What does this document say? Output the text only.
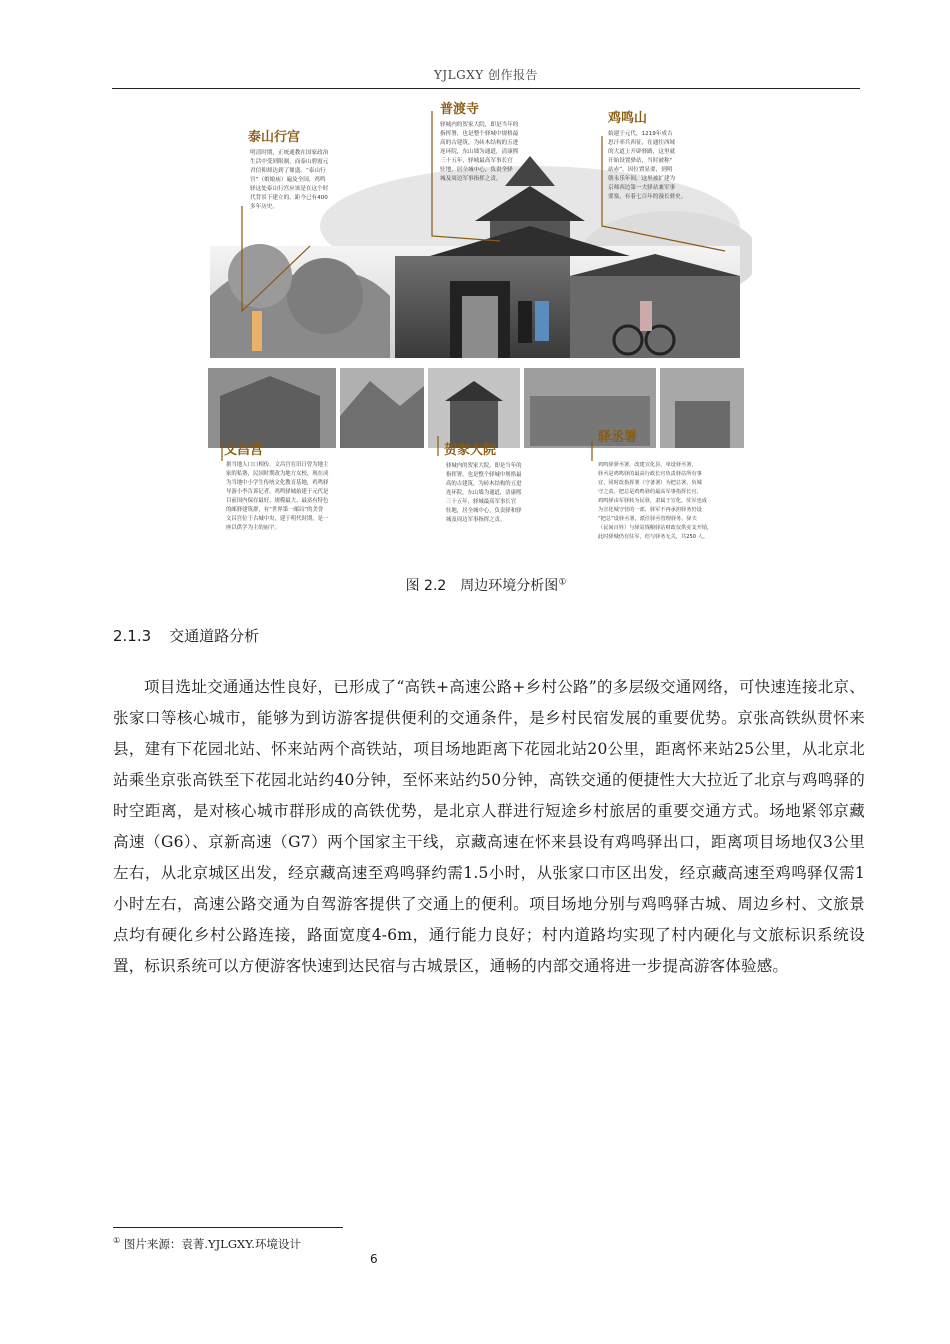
YJLGXY 创作报告
泰山行宫
明清时期，正统通教在国家政治
生活中受到限制，而泰山碧霞元
君信仰却达到了鼎盛。“泰山行
宫”（娘娘庙）遍及全国，鸡鸣
驿这处泰山行宫应该是在这个时
代背景下建立的，距今已有400
多年历史。
普渡寺
驿城内的贺家大院，即是当年的
指挥署，也是整个驿城中规格最
高的古建筑，为砖木结构的五进
连环院，东山墙为通道，清康熙
三十五年，驿城最高军事长官
驻地，居全城中心，负责全驿
城及周边军事指挥之责。
鸡鸣山
始建于元代，1219年成吉
思汗率兵西征，在通往西域
的大道上开辟驿路，这里就
开始设置驿站，当时被称“
站赤”。因位置显要，到明
朝永乐年间，这里被扩建为
京师西边第一大驿站兼军事
要塞，有着七百年的漫长驿史。
文昌宫
据当地人口口相传，文昌宫在旧日曾为地主
家的私塾，民国时期改为地方女校，现在成
为当地中小学生传统文化教育基地，鸡鸣驿
导游小李告诉记者，鸡鸣驿城始建于元代是
目前国内保存最好，规模最大、最富有特色
的邮驿建筑群，有“世界第一邮局”的美誉
文昌宫位于古城中央，建于明代时期，是一
座以供学为主的庙宇。
贺家大院
驿城内的贺家大院，即是当年的
指挥署，也是整个驿城中规格最
高的古建筑，为砖木结构的五进
连环院，东山墙为通道，清康熙
三十五年，驿城最高军事长官
驻地，居全城中心，负责驿和驿
城及周边军事指挥之责。
驿丞署
鸡鸣驿驿丞署，改建宣化县，单设驿丞署，
驿丞是鸡鸣驿的最高行政长官负责驿站所有事
宜，同时改指挥署（守备署）为把总署，负城
守之责，把总是鸡鸣驿的最高军事指挥长官，
鸡鸣驿由军驿转为民驿，隶属于宣化，驻军也成
为宣化城守营的一部，驿军不再承担驿务仍设
“把总”设驿丞署，派任驿丞管理驿务、驿夫
（民间百姓）与驿站钱粮驿站财政仅供实支开销，
此时驿城仍有驻军，但与驿务无关，共250 人。
图 2.2　周边环境分析图①
2.1.3 交通道路分析
项目选址交通通达性良好，已形成了“高铁+高速公路+乡村公路”的多层级交通网络，可快速连接北京、张家口等核心城市，能够为到访游客提供便利的交通条件，是乡村民宿发展的重要优势。京张高铁纵贯怀来县，建有下花园北站、怀来站两个高铁站，项目场地距离下花园北站20公里，距离怀来站25公里，从北京北站乘坐京张高铁至下花园北站约40分钟，至怀来站约50分钟，高铁交通的便捷性大大拉近了北京与鸡鸣驿的时空距离，是对核心城市群形成的高铁优势，是北京人群进行短途乡村旅居的重要交通方式。场地紧邻京藏高速（G6）、京新高速（G7）两个国家主干线，京藏高速在怀来县设有鸡鸣驿出口，距离项目场地仅3公里左右，从北京城区出发，经京藏高速至鸡鸣驿约需1.5小时，从张家口市区出发，经京藏高速至鸡鸣驿仅需1小时左右，高速公路交通为自驾游客提供了交通上的便利。项目场地分别与鸡鸣驿古城、周边乡村、文旅景点均有硬化乡村公路连接，路面宽度4-6m，通行能力良好；村内道路均实现了村内硬化与文旅标识系统设置，标识系统可以方便游客快速到达民宿与古城景区，通畅的内部交通将进一步提高游客体验感。
① 图片来源：袁菁.YJLGXY.环境设计
6
